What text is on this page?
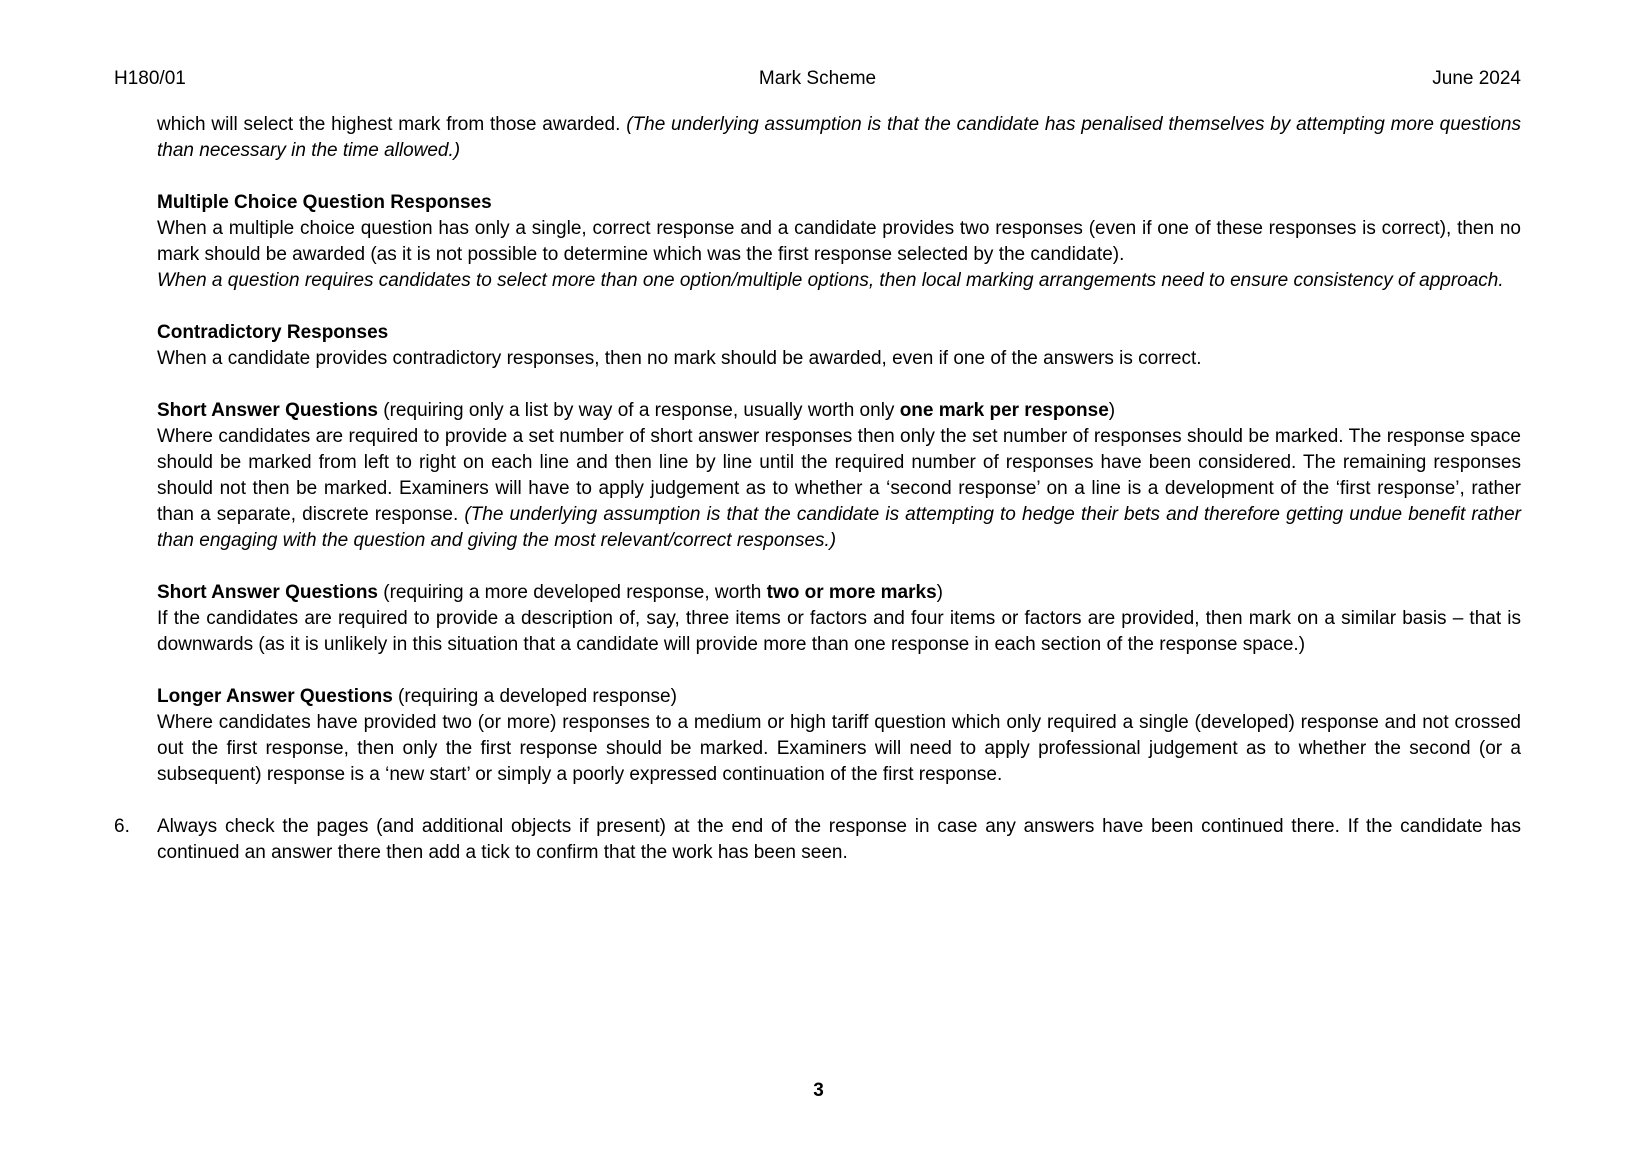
H180/01	Mark Scheme	June 2024

which will select the highest mark from those awarded. (The underlying assumption is that the candidate has penalised themselves by attempting more questions than necessary in the time allowed.)

Multiple Choice Question Responses

When a multiple choice question has only a single, correct response and a candidate provides two responses (even if one of these responses is correct), then no mark should be awarded (as it is not possible to determine which was the first response selected by the candidate).

When a question requires candidates to select more than one option/multiple options, then local marking arrangements need to ensure consistency of approach.

Contradictory Responses

When a candidate provides contradictory responses, then no mark should be awarded, even if one of the answers is correct.

Short Answer Questions (requiring only a list by way of a response, usually worth only one mark per response)

Where candidates are required to provide a set number of short answer responses then only the set number of responses should be marked. The response space should be marked from left to right on each line and then line by line until the required number of responses have been considered. The remaining responses should not then be marked. Examiners will have to apply judgement as to whether a ‘second response’ on a line is a development of the ‘first response’, rather than a separate, discrete response. (The underlying assumption is that the candidate is attempting to hedge their bets and therefore getting undue benefit rather than engaging with the question and giving the most relevant/correct responses.)

Short Answer Questions (requiring a more developed response, worth two or more marks)

If the candidates are required to provide a description of, say, three items or factors and four items or factors are provided, then mark on a similar basis – that is downwards (as it is unlikely in this situation that a candidate will provide more than one response in each section of the response space.)

Longer Answer Questions (requiring a developed response)

Where candidates have provided two (or more) responses to a medium or high tariff question which only required a single (developed) response and not crossed out the first response, then only the first response should be marked. Examiners will need to apply professional judgement as to whether the second (or a subsequent) response is a ‘new start’ or simply a poorly expressed continuation of the first response.

6.	Always check the pages (and additional objects if present) at the end of the response in case any answers have been continued there. If the candidate has continued an answer there then add a tick to confirm that the work has been seen.

3
